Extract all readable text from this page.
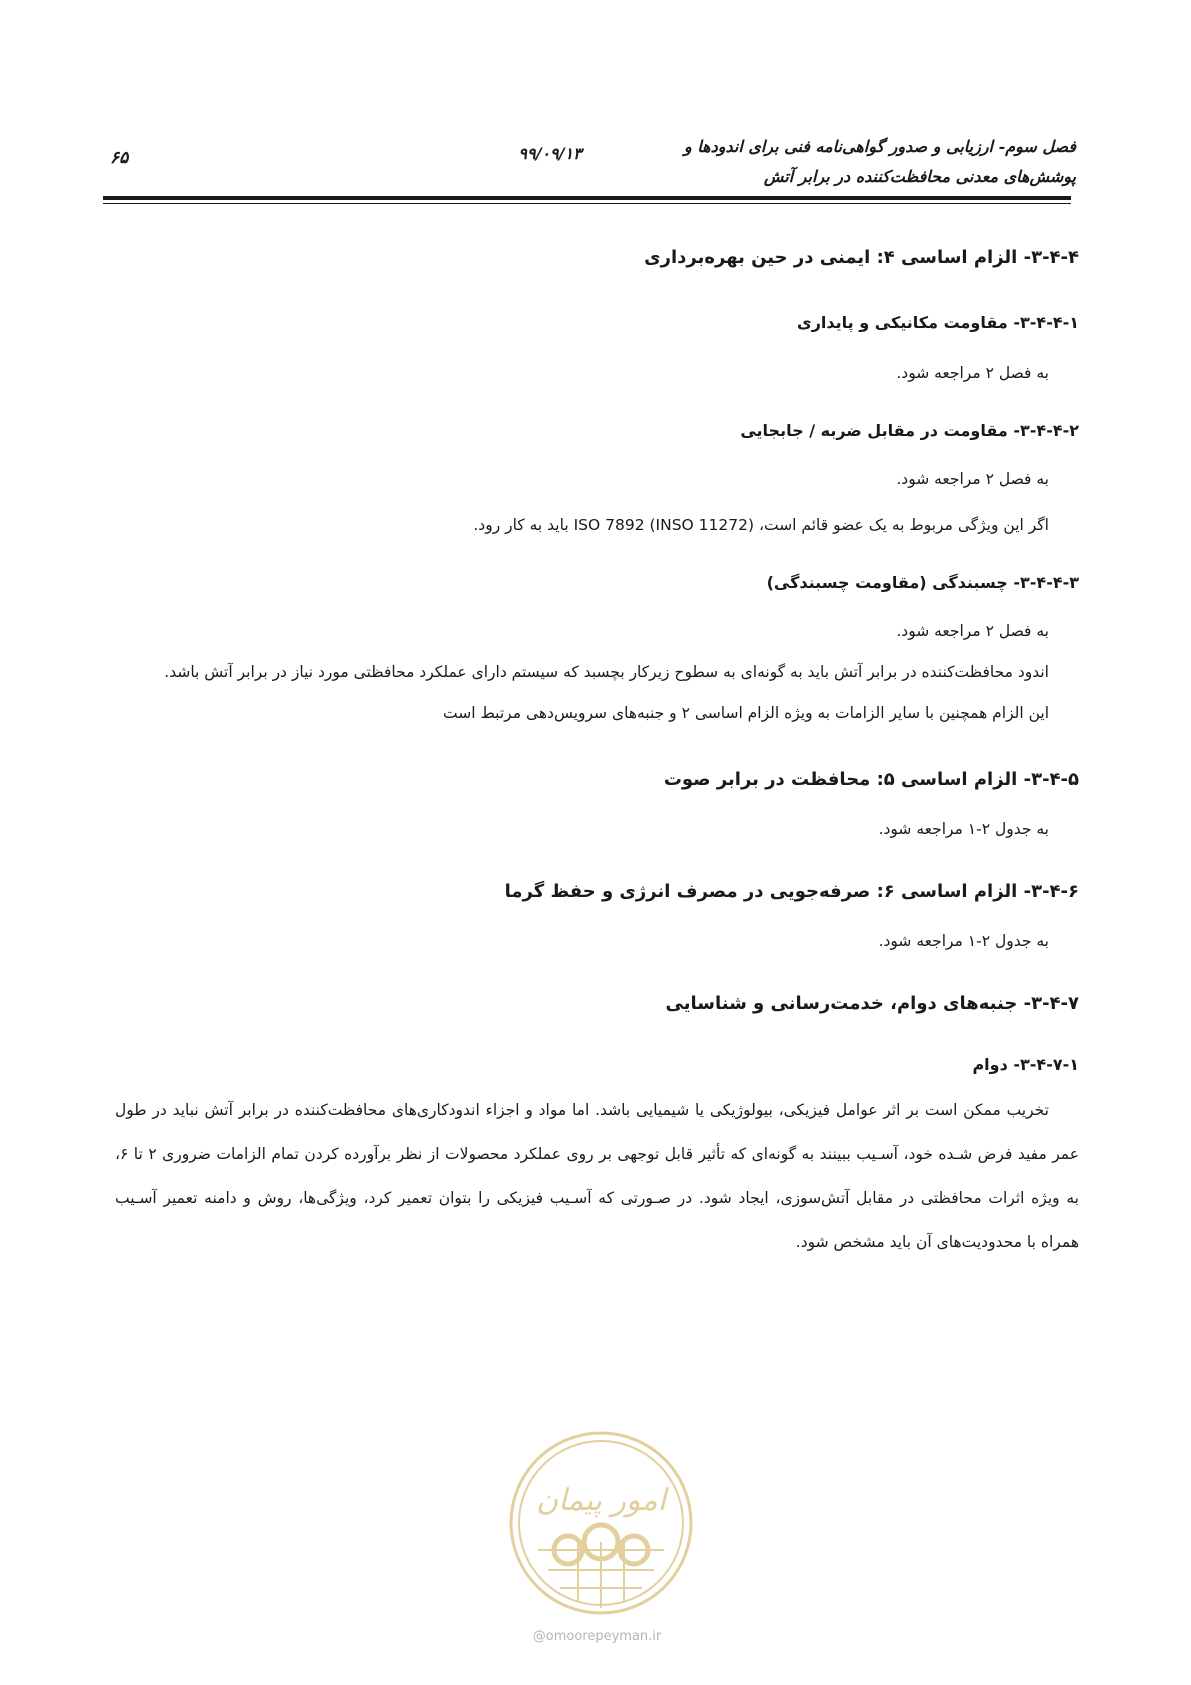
فصل سوم- ارزیابی و صدور گواهی‌نامه فنی برای اندودها و
پوشش‌های معدنی محافظت‌کننده در برابر آتش
۹۹/۰۹/۱۳
۶۵

۳-۴-۴- الزام اساسی ۴: ایمنی در حین بهره‌برداری

۳-۴-۴-۱- مقاومت مکانیکی و پایداری

به فصل ۲ مراجعه شود.

۳-۴-۴-۲- مقاومت در مقابل ضربه / جابجایی

به فصل ۲ مراجعه شود.

اگر این ویژگی مربوط به یک عضو قائم است، ISO 7892 (INSO 11272) باید به کار رود.

۳-۴-۴-۳- چسبندگی (مقاومت چسبندگی)

به فصل ۲ مراجعه شود.

اندود محافظت‌کننده در برابر آتش باید به گونه‌ای به سطوح زیرکار بچسبد که سیستم دارای عملکرد محافظتی مورد نیاز در برابر آتش باشد.

این الزام همچنین با سایر الزامات به ویژه الزام اساسی ۲ و جنبه‌های سرویس‌دهی مرتبط است

۳-۴-۵- الزام اساسی ۵: محافظت در برابر صوت

به جدول ۲-۱ مراجعه شود.

۳-۴-۶- الزام اساسی ۶: صرفه‌جویی در مصرف انرژی و حفظ گرما

به جدول ۲-۱ مراجعه شود.

۳-۴-۷- جنبه‌های دوام، خدمت‌رسانی و شناسایی

۳-۴-۷-۱- دوام

تخریب ممکن است بر اثر عوامل فیزیکی، بیولوژیکی یا شیمیایی باشد. اما مواد و اجزاء اندودکاری‌های محافظت‌کننده در برابر آتش نباید در طول عمر مفید فرض شـده خود، آسـیب ببینند به گونه‌ای که تأثیر قابل توجهی بر روی عملکرد محصولات از نظر برآورده کردن تمام الزامات ضروری ۲ تا ۶، به ویژه اثرات محافظتی در مقابل آتش‌سوزی، ایجاد شود. در صـورتی که آسـیب فیزیکی را بتوان تعمیر کرد، ویژگی‌ها، روش و دامنه تعمیر آسـیب همراه با محدودیت‌های آن باید مشخص شود.

امور پیمان
@omoorepeyman.ir
